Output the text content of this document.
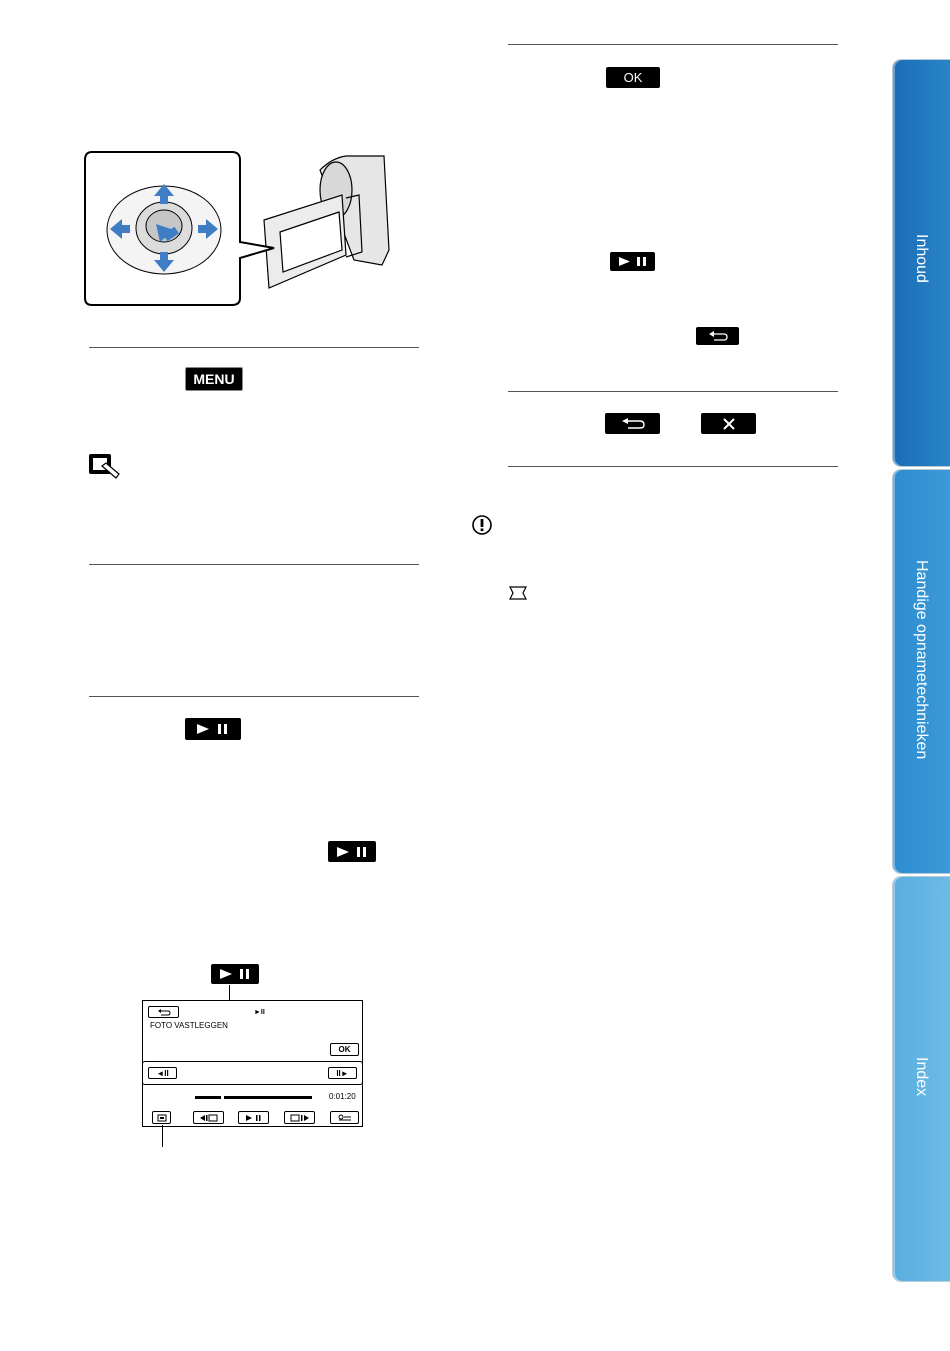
MENU
FOTO VASTLEGGEN
►II
OK
◄II	II►
0:01:20
OK
Inhoud
Handige opnametechnieken
Index
